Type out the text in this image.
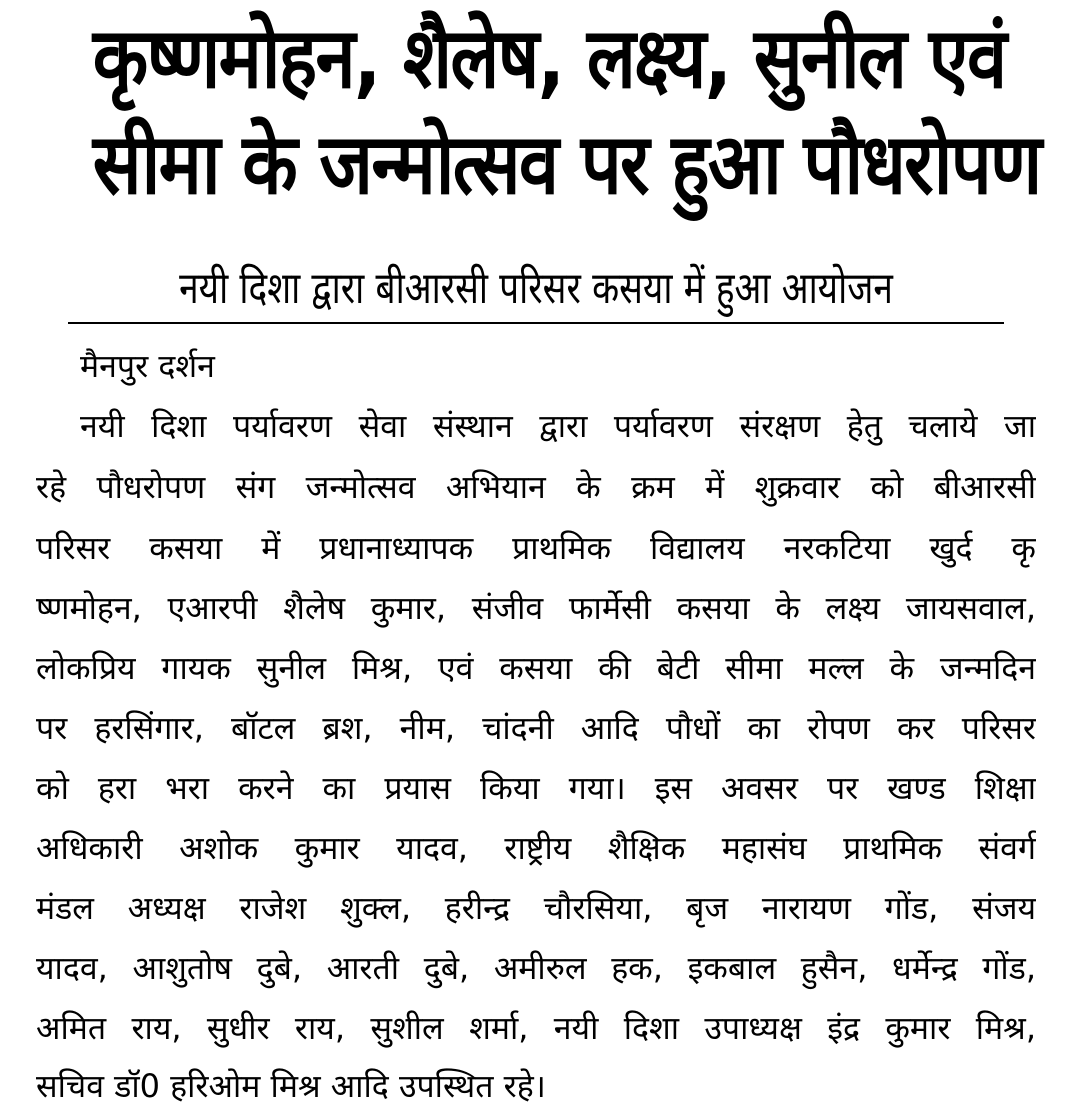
कृष्णमोहन, शैलेष, लक्ष्य, सुनील एवं
सीमा के जन्मोत्सव पर हुआ पौधरोपण
नयी दिशा द्वारा बीआरसी परिसर कसया में हुआ आयोजन
मैनपुर दर्शन
नयी दिशा पर्यावरण सेवा संस्थान द्वारा पर्यावरण संरक्षण हेतु चलाये जा
रहे पौधरोपण संग जन्मोत्सव अभियान के क्रम में शुक्रवार को बीआरसी
परिसर कसया में प्रधानाध्यापक प्राथमिक विद्यालय नरकटिया खुर्द कृ
ष्णमोहन, एआरपी शैलेष कुमार, संजीव फार्मेसी कसया के लक्ष्य जायसवाल,
लोकप्रिय गायक सुनील मिश्र, एवं कसया की बेटी सीमा मल्ल के जन्मदिन
पर हरसिंगार, बॉटल ब्रश, नीम, चांदनी आदि पौधों का रोपण कर परिसर
को हरा भरा करने का प्रयास किया गया। इस अवसर पर खण्ड शिक्षा
अधिकारी अशोक कुमार यादव, राष्ट्रीय शैक्षिक महासंघ प्राथमिक संवर्ग
मंडल अध्यक्ष राजेश शुक्ल, हरीन्द्र चौरसिया, बृज नारायण गोंड, संजय
यादव, आशुतोष दुबे, आरती दुबे, अमीरुल हक, इकबाल हुसैन, धर्मेन्द्र गोंड,
अमित राय, सुधीर राय, सुशील शर्मा, नयी दिशा उपाध्यक्ष इंद्र कुमार मिश्र,
सचिव डॉ0 हरिओम मिश्र आदि उपस्थित रहे।
